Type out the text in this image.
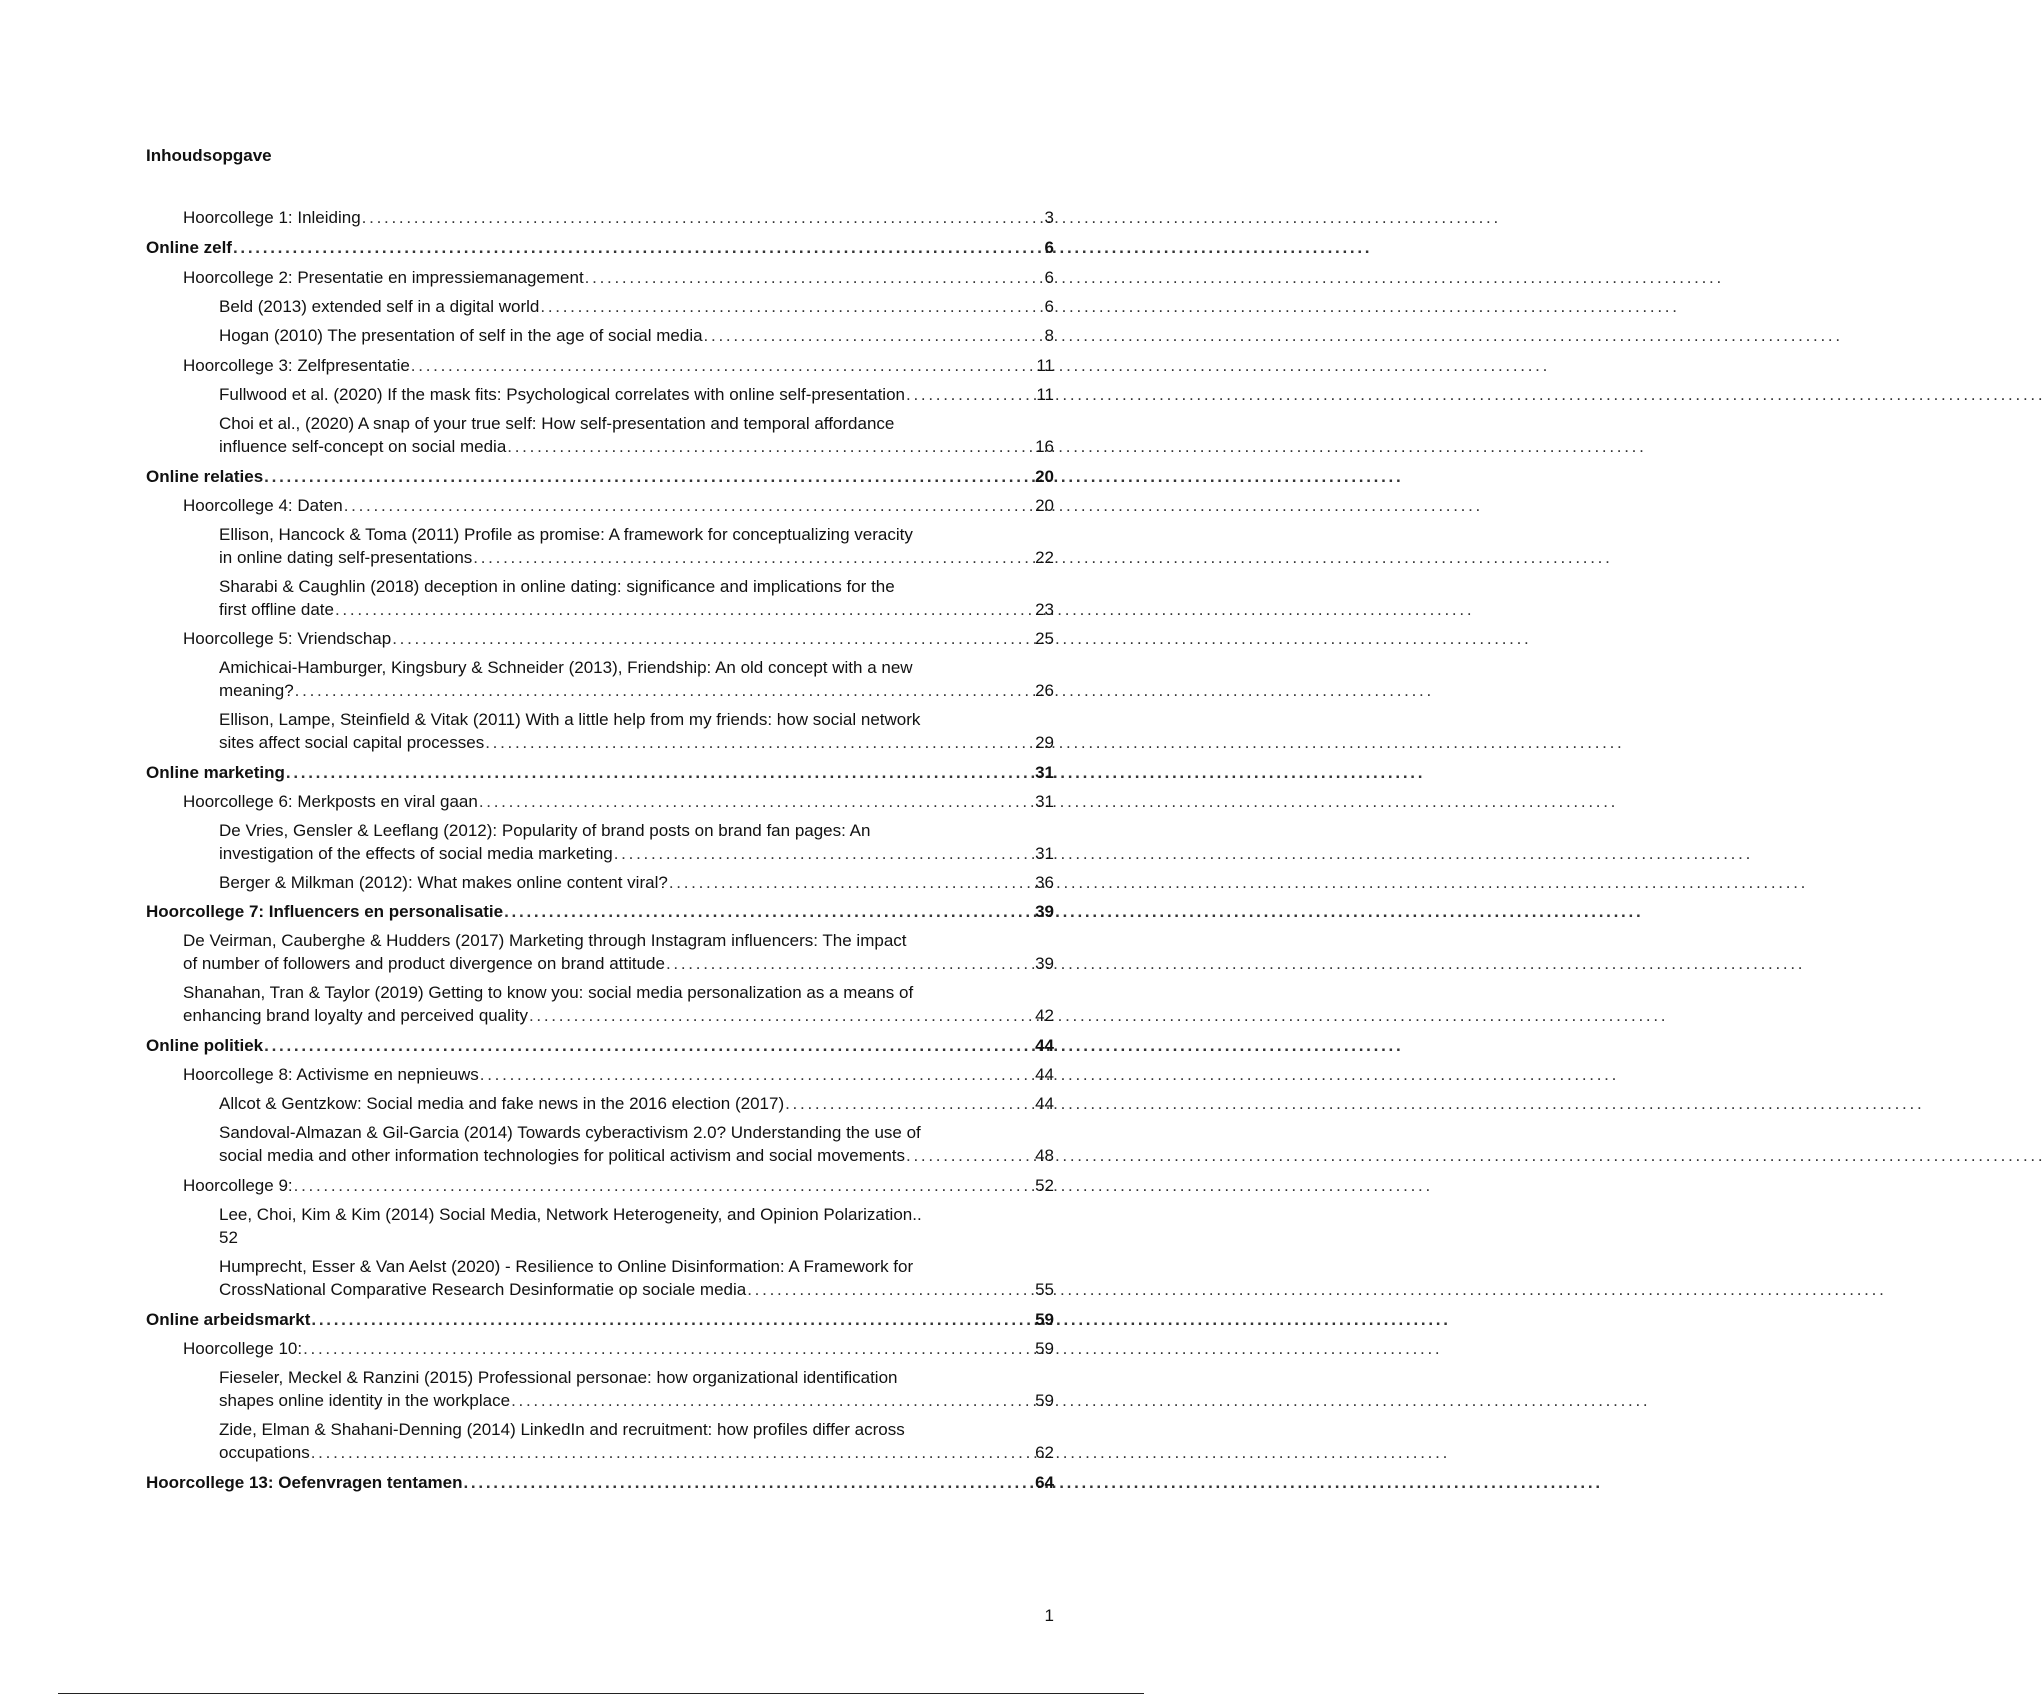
Inhoudsopgave
Hoorcollege 1: Inleiding . . .	3
Online zelf . . .	6
Hoorcollege 2: Presentatie en impressiemanagement . . .	6
Beld (2013) extended self in a digital world . . .	6
Hogan (2010) The presentation of self in the age of social media . . .	8
Hoorcollege 3: Zelfpresentatie . . .	11
Fullwood et al. (2020) If the mask fits: Psychological correlates with online self-presentation . . .	11
Choi et al., (2020) A snap of your true self: How self-presentation and temporal affordance
influence self-concept on social media . . .	16
Online relaties . . .	20
Hoorcollege 4: Daten . . .	20
Ellison, Hancock & Toma (2011) Profile as promise: A framework for conceptualizing veracity
in online dating self-presentations . . .	22
Sharabi & Caughlin (2018) deception in online dating: significance and implications for the
first offline date . . .	23
Hoorcollege 5: Vriendschap . . .	25
Amichicai-Hamburger, Kingsbury & Schneider (2013), Friendship: An old concept with a new
meaning? . . .	26
Ellison, Lampe, Steinfield & Vitak (2011) With a little help from my friends: how social network
sites affect social capital processes . . .	29
Online marketing . . .	31
Hoorcollege 6: Merkposts en viral gaan . . .	31
De Vries, Gensler & Leeflang (2012): Popularity of brand posts on brand fan pages: An
investigation of the effects of social media marketing . . .	31
Berger & Milkman (2012): What makes online content viral? . . .	36
Hoorcollege 7: Influencers en personalisatie . . .	39
De Veirman, Cauberghe & Hudders (2017) Marketing through Instagram influencers: The impact
of number of followers and product divergence on brand attitude . . .	39
Shanahan, Tran & Taylor (2019) Getting to know you: social media personalization as a means of
enhancing brand loyalty and perceived quality . . .	42
Online politiek . . .	44
Hoorcollege 8: Activisme en nepnieuws . . .	44
Allcot & Gentzkow: Social media and fake news in the 2016 election (2017) . . .	44
Sandoval-Almazan & Gil-Garcia (2014) Towards cyberactivism 2.0? Understanding the use of
social media and other information technologies for political activism and social movements . . .	48
Hoorcollege 9: . . .	52
Lee, Choi, Kim & Kim (2014) Social Media, Network Heterogeneity, and Opinion Polarization..
52
Humprecht, Esser & Van Aelst (2020) - Resilience to Online Disinformation: A Framework for
CrossNational Comparative Research Desinformatie op sociale media . . .	55
Online arbeidsmarkt . . .	59
Hoorcollege 10: . . .	59
Fieseler, Meckel & Ranzini (2015) Professional personae: how organizational identification
shapes online identity in the workplace . . .	59
Zide, Elman & Shahani-Denning (2014) LinkedIn and recruitment: how profiles differ across
occupations . . .	62
Hoorcollege 13: Oefenvragen tentamen . . .	64
1
